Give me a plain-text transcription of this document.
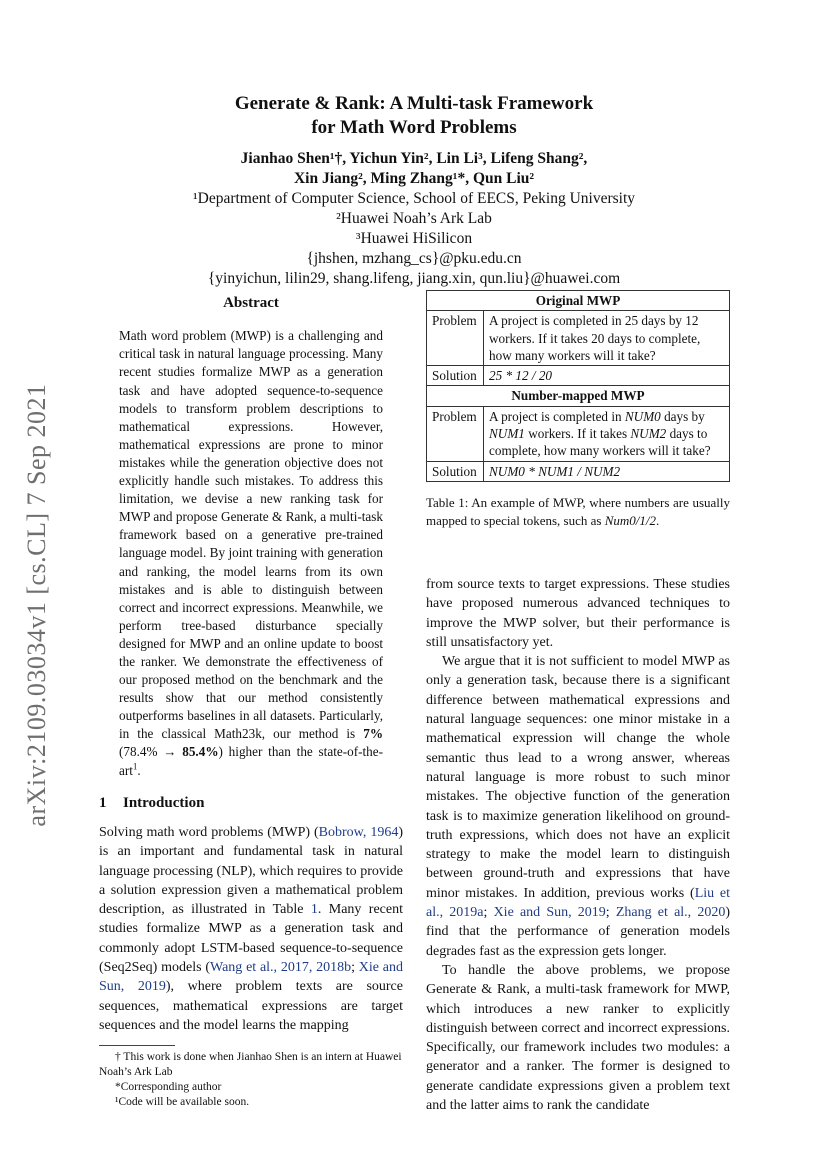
arXiv:2109.03034v1 [cs.CL] 7 Sep 2021
Generate & Rank: A Multi-task Framework
for Math Word Problems
Jianhao Shen¹†, Yichun Yin², Lin Li³, Lifeng Shang²,
Xin Jiang², Ming Zhang¹*, Qun Liu²
¹Department of Computer Science, School of EECS, Peking University
²Huawei Noah’s Ark Lab
³Huawei HiSilicon
{jhshen, mzhang_cs}@pku.edu.cn
{yinyichun, lilin29, shang.lifeng, jiang.xin, qun.liu}@huawei.com
Abstract
Math word problem (MWP) is a challenging and critical task in natural language processing. Many recent studies formalize MWP as a generation task and have adopted sequence-to-sequence models to transform problem descriptions to mathematical expressions. However, mathematical expressions are prone to minor mistakes while the generation objective does not explicitly handle such mistakes. To address this limitation, we devise a new ranking task for MWP and propose Generate & Rank, a multi-task framework based on a generative pre-trained language model. By joint training with generation and ranking, the model learns from its own mistakes and is able to distinguish between correct and incorrect expressions. Meanwhile, we perform tree-based disturbance specially designed for MWP and an online update to boost the ranker. We demonstrate the effectiveness of our proposed method on the benchmark and the results show that our method consistently outperforms baselines in all datasets. Particularly, in the classical Math23k, our method is 7% (78.4% → 85.4%) higher than the state-of-the-art$^1$.
1 Introduction

Solving math word problems (MWP) (Bobrow, 1964) is an important and fundamental task in natural language processing (NLP), which requires to provide a solution expression given a mathematical problem description, as illustrated in Table 1. Many recent studies formalize MWP as a generation task and commonly adopt LSTM-based sequence-to-sequence (Seq2Seq) models (Wang et al., 2017, 2018b; Xie and Sun, 2019), where problem texts are source sequences, mathematical expressions are target sequences and the model learns the mapping

† This work is done when Jianhao Shen is an intern at Huawei Noah’s Ark Lab
*Corresponding author
¹Code will be available soon.
Original MWP	
Problem	A project is completed in 25 days by 12 workers. If it takes 20 days to complete, how many workers will it take?
Solution	25 * 12 / 20
Number-mapped MWP	
Problem	A project is completed in NUM0 days by NUM1 workers. If it takes NUM2 days to complete, how many workers will it take?
Solution	NUM0 * NUM1 / NUM2

Table 1: An example of MWP, where numbers are usually mapped to special tokens, such as Num0/1/2.

from source texts to target expressions. These studies have proposed numerous advanced techniques to improve the MWP solver, but their performance is still unsatisfactory yet.

We argue that it is not sufficient to model MWP as only a generation task, because there is a significant difference between mathematical expressions and natural language sequences: one minor mistake in a mathematical expression will change the whole semantic thus lead to a wrong answer, whereas natural language is more robust to such minor mistakes. The objective function of the generation task is to maximize generation likelihood on ground-truth expressions, which does not have an explicit strategy to make the model learn to distinguish between ground-truth and expressions that have minor mistakes. In addition, previous works (Liu et al., 2019a; Xie and Sun, 2019; Zhang et al., 2020) find that the performance of generation models degrades fast as the expression gets longer.

To handle the above problems, we propose Generate & Rank, a multi-task framework for MWP, which introduces a new ranker to explicitly distinguish between correct and incorrect expressions. Specifically, our framework includes two modules: a generator and a ranker. The former is designed to generate candidate expressions given a problem text and the latter aims to rank the candidate
